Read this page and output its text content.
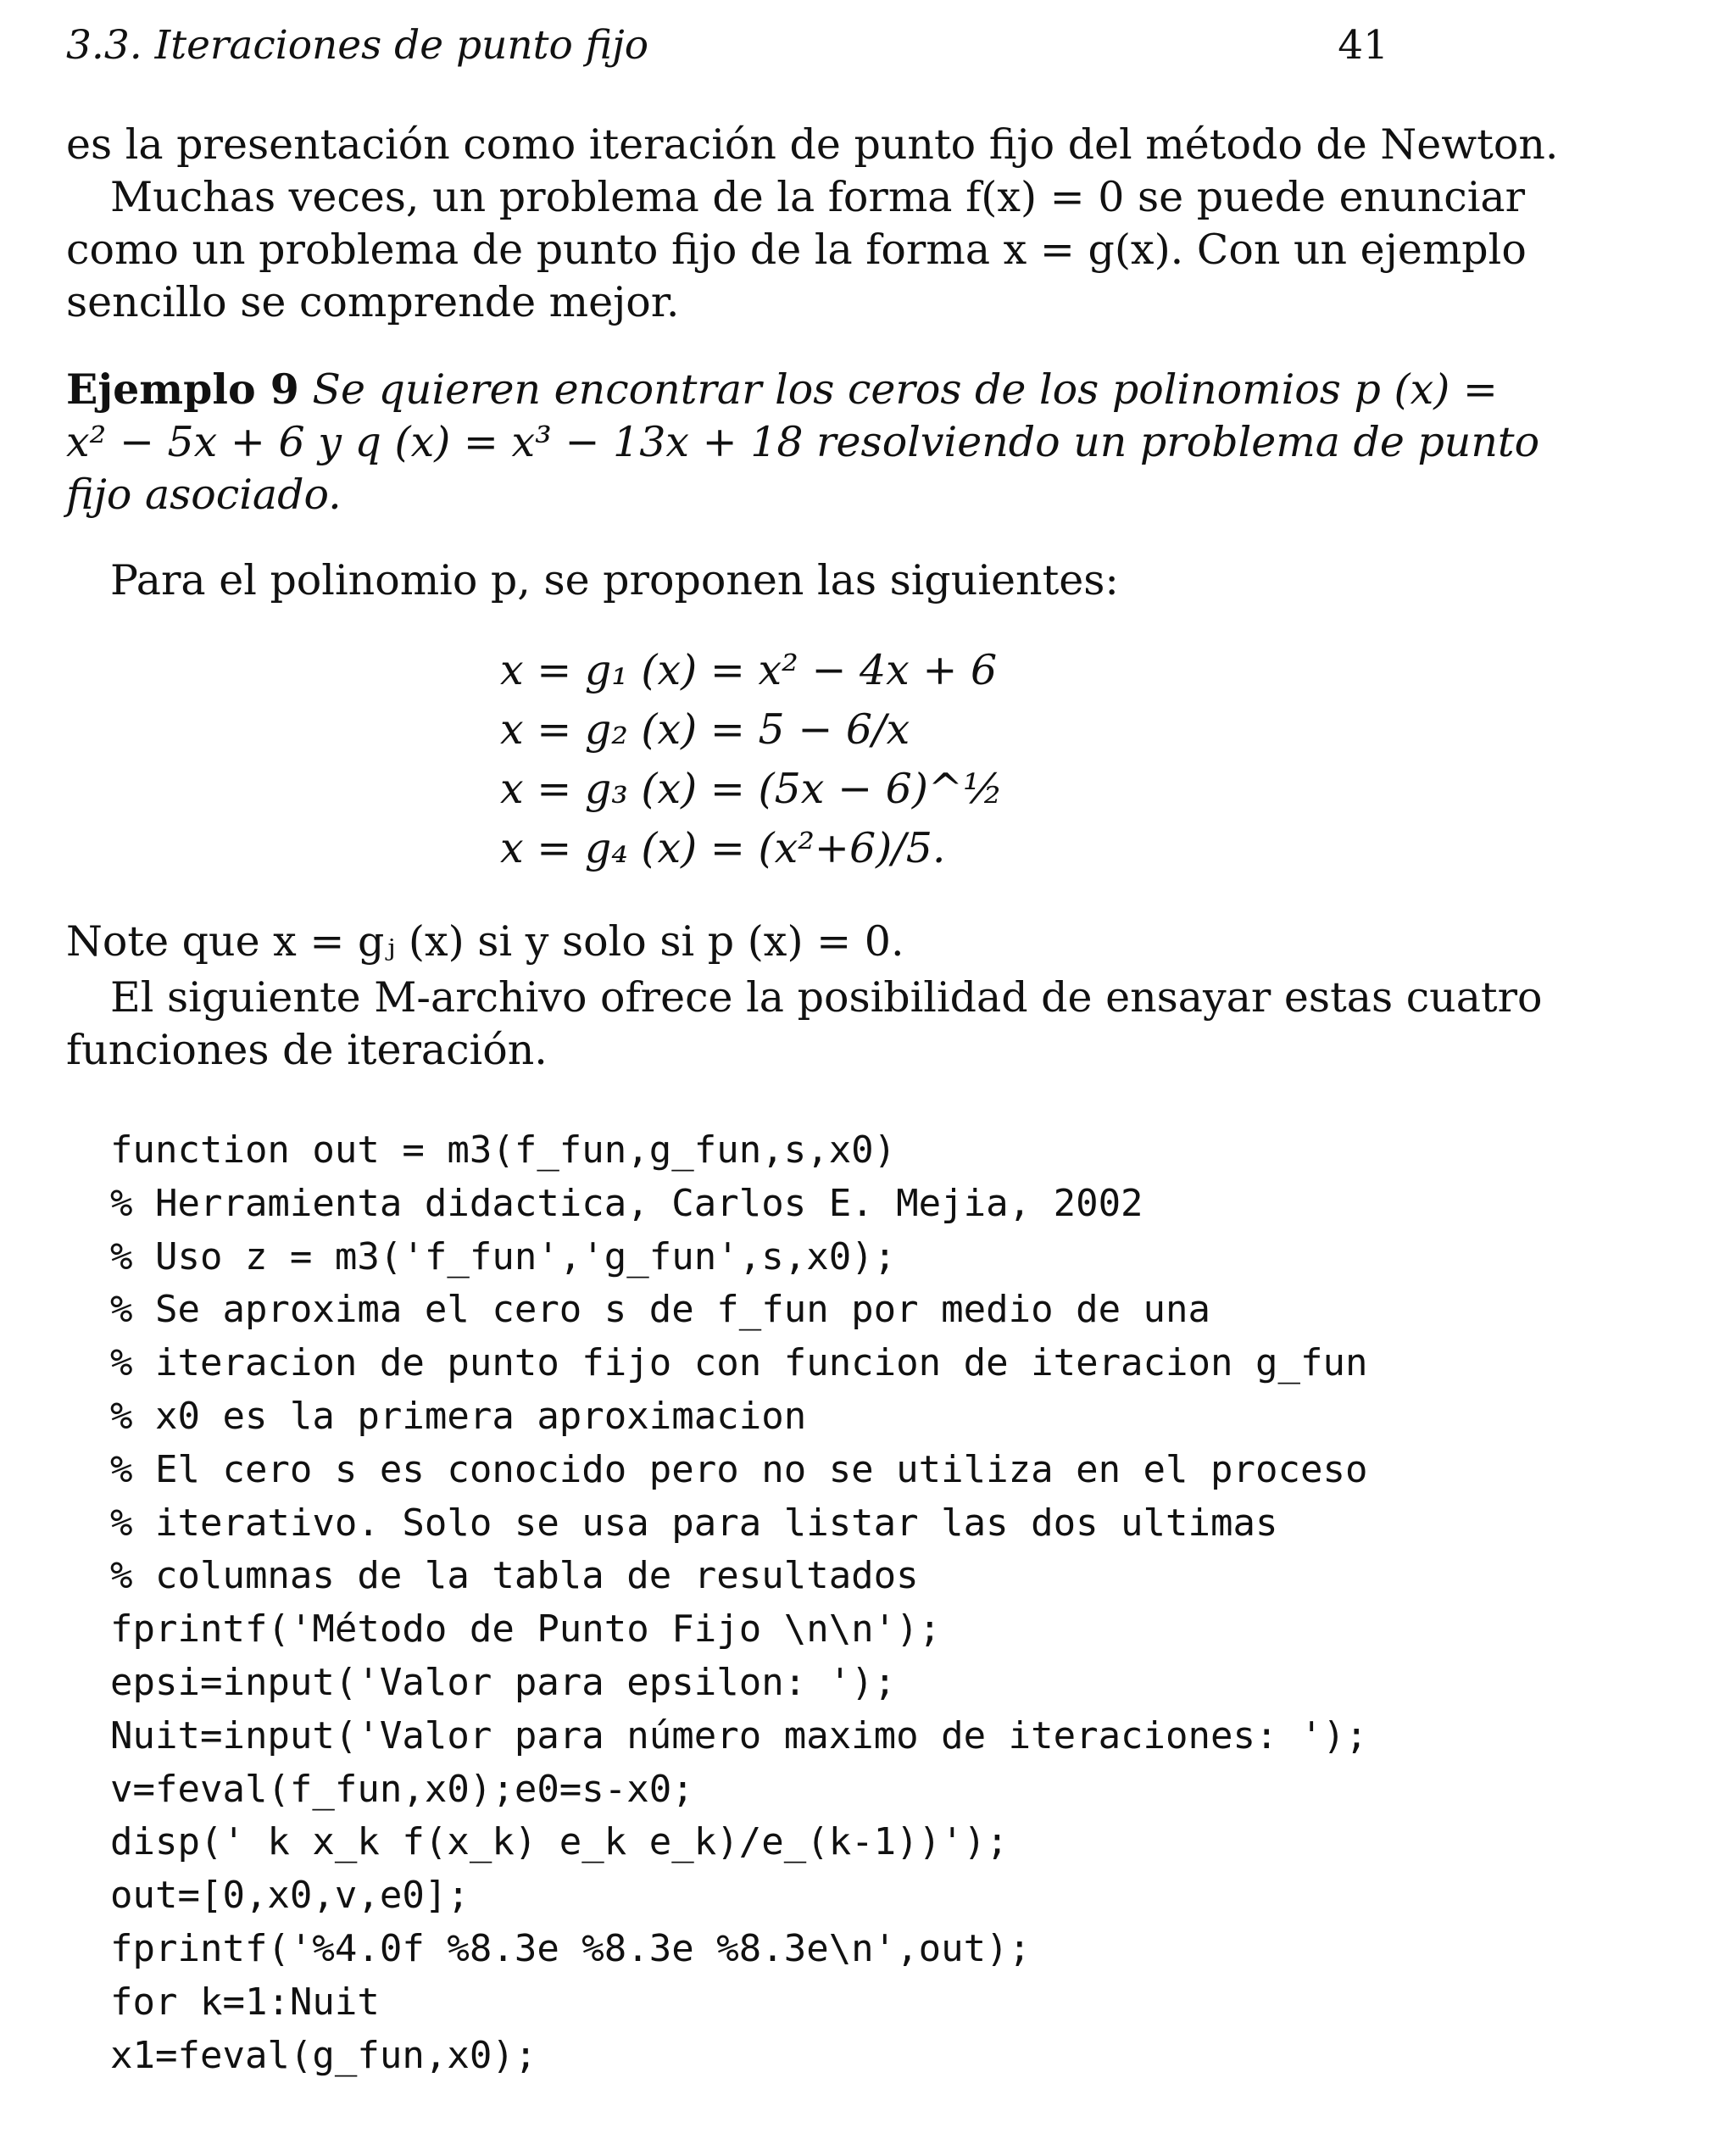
3.3. Iteraciones de punto fijo	41
es la presentación como iteración de punto fijo del método de Newton.
Muchas veces, un problema de la forma f(x) = 0 se puede enunciar
como un problema de punto fijo de la forma x = g(x). Con un ejemplo
sencillo se comprende mejor.
Ejemplo 9 Se quieren encontrar los ceros de los polinomios p (x) =
x² − 5x + 6 y q (x) = x³ − 13x + 18 resolviendo un problema de punto
fijo asociado.
Para el polinomio p, se proponen las siguientes:
x = g₁ (x) = x² − 4x + 6
x = g₂ (x) = 5 − 6/x
x = g₃ (x) = (5x − 6)^½
x = g₄ (x) = (x²+6)/5.
Note que x = gⱼ (x) si y solo si p (x) = 0.
El siguiente M-archivo ofrece la posibilidad de ensayar estas cuatro
funciones de iteración.
function out = m3(f_fun,g_fun,s,x0)
% Herramienta didactica, Carlos E. Mejia, 2002
% Uso z = m3('f_fun','g_fun',s,x0);
% Se aproxima el cero s de f_fun por medio de una
% iteracion de punto fijo con funcion de iteracion g_fun
% x0 es la primera aproximacion
% El cero s es conocido pero no se utiliza en el proceso
% iterativo. Solo se usa para listar las dos ultimas
% columnas de la tabla de resultados
fprintf('Método de Punto Fijo \n\n');
epsi=input('Valor para epsilon: ');
Nuit=input('Valor para número maximo de iteraciones: ');
v=feval(f_fun,x0);e0=s-x0;
disp(' k x_k f(x_k) e_k e_k)/e_(k-1))');
out=[0,x0,v,e0];
fprintf('%4.0f %8.3e %8.3e %8.3e\n',out);
for k=1:Nuit
x1=feval(g_fun,x0);
